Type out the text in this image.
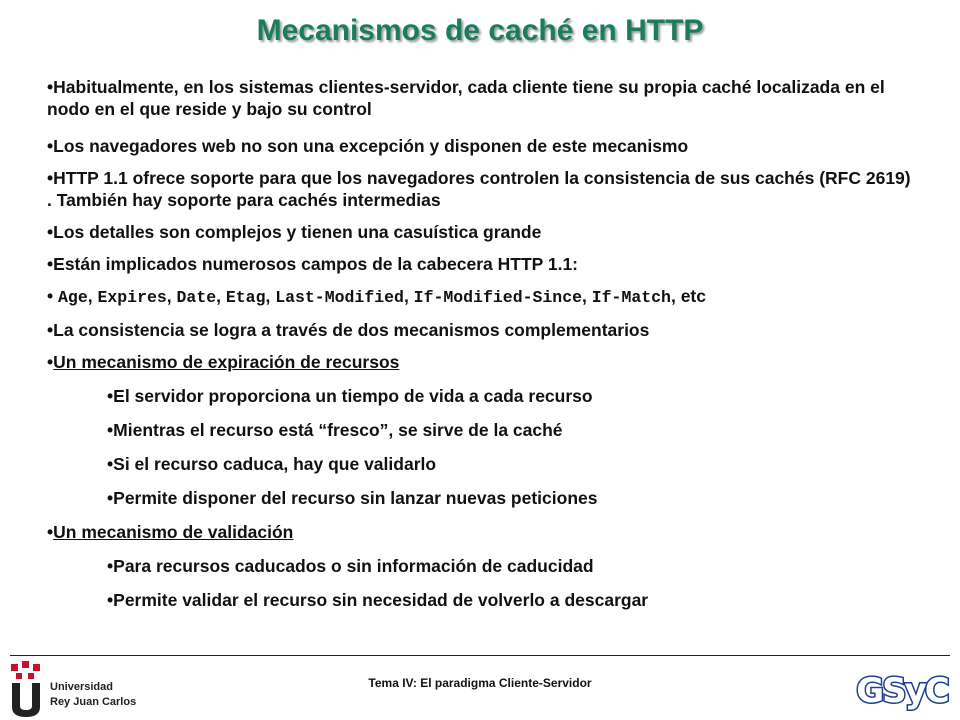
Mecanismos de caché en HTTP

•Habitualmente, en los sistemas clientes-servidor, cada cliente tiene su propia caché localizada en el nodo en el que reside y bajo su control

•Los navegadores web no son una excepción y disponen de este mecanismo

•HTTP 1.1 ofrece soporte para que los navegadores controlen la consistencia de sus cachés (RFC 2619) . También hay soporte para cachés intermedias

•Los detalles son complejos y tienen una casuística grande

•Están implicados numerosos campos de la cabecera HTTP 1.1:

• Age, Expires, Date, Etag, Last-Modified, If-Modified-Since, If-Match, etc

•La consistencia se logra a través de dos mecanismos complementarios

•Un mecanismo de expiración de recursos

•El servidor proporciona un tiempo de vida a cada recurso

•Mientras el recurso está “fresco”, se sirve de la caché

•Si el recurso caduca, hay que validarlo

•Permite disponer del recurso sin lanzar nuevas peticiones

•Un mecanismo de validación

•Para recursos caducados o sin información de caducidad

•Permite validar el recurso sin necesidad de volverlo a descargar

Tema IV: El paradigma Cliente-Servidor
Universidad
Rey Juan Carlos	GSyC
